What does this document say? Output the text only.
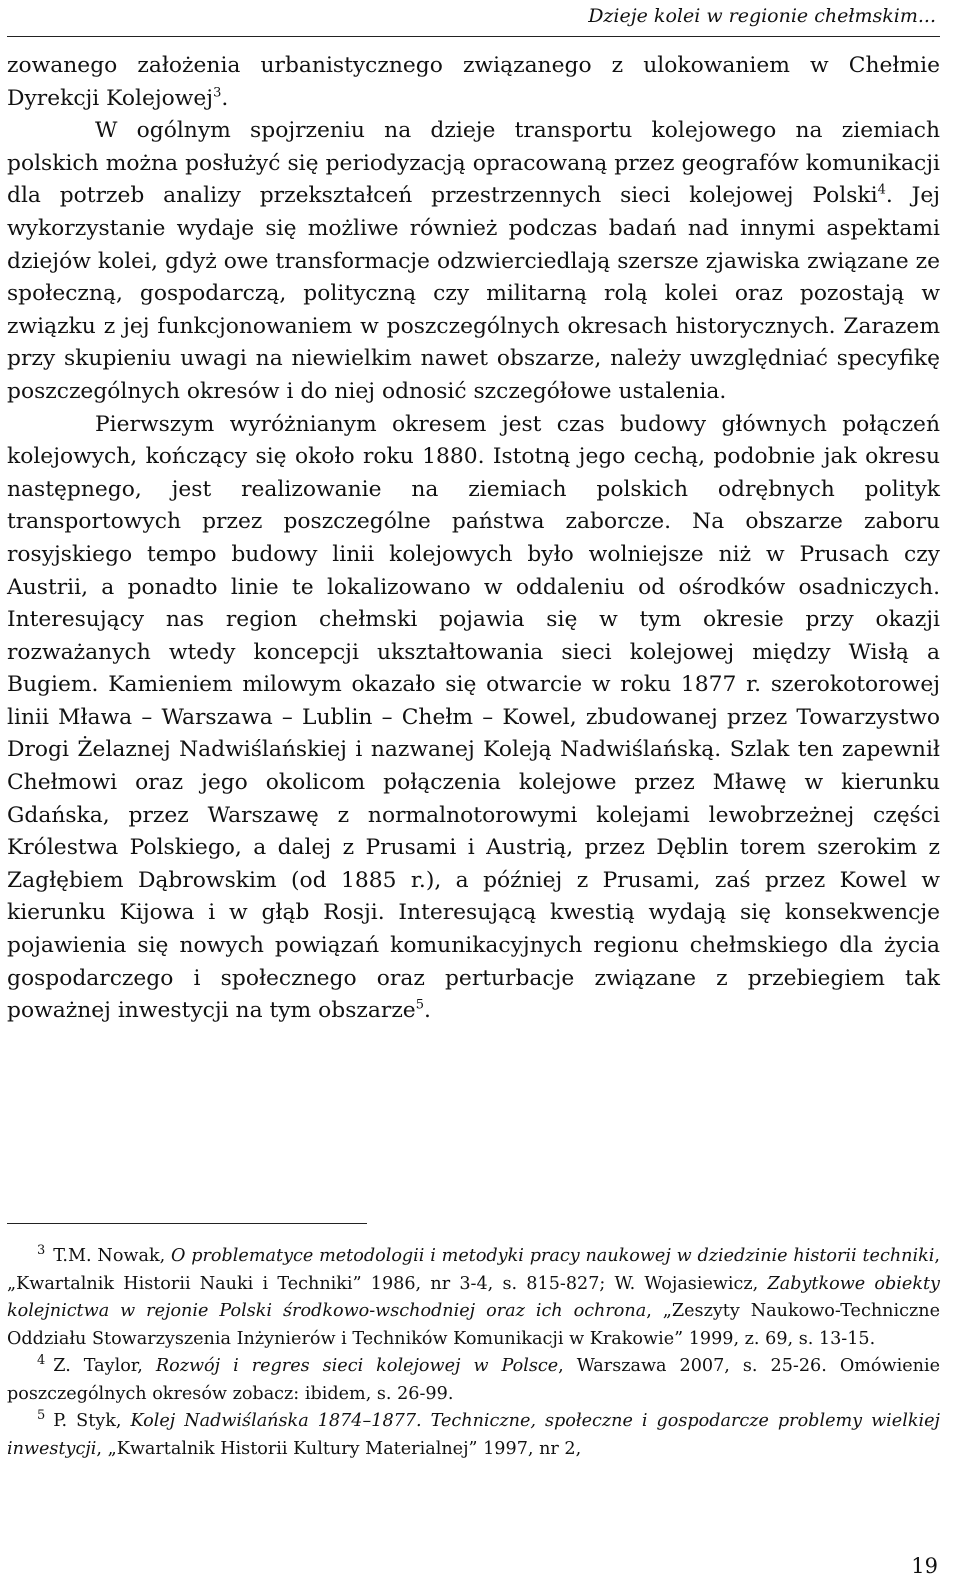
Dzieje kolei w regionie chełmskim...

zowanego założenia urbanistycznego związanego z ulokowaniem w Chełmie Dyrekcji Kolejowej$^3$.

W ogólnym spojrzeniu na dzieje transportu kolejowego na ziemiach polskich można posłużyć się periodyzacją opracowaną przez geografów komunikacji dla potrzeb analizy przekształceń przestrzennych sieci kolejowej Polski$^4$. Jej wykorzystanie wydaje się możliwe również podczas badań nad innymi aspektami dziejów kolei, gdyż owe transformacje odzwierciedlają szersze zjawiska związane ze społeczną, gospodarczą, polityczną czy militarną rolą kolei oraz pozostają w związku z jej funkcjonowaniem w poszczególnych okresach historycznych. Zarazem przy skupieniu uwagi na niewielkim nawet obszarze, należy uwzględniać specyfikę poszczególnych okresów i do niej odnosić szczegółowe ustalenia.

Pierwszym wyróżnianym okresem jest czas budowy głównych połączeń kolejowych, kończący się około roku 1880. Istotną jego cechą, podobnie jak okresu następnego, jest realizowanie na ziemiach polskich odrębnych polityk transportowych przez poszczególne państwa zaborcze. Na obszarze zaboru rosyjskiego tempo budowy linii kolejowych było wolniejsze niż w Prusach czy Austrii, a ponadto linie te lokalizowano w oddaleniu od ośrodków osadniczych. Interesujący nas region chełmski pojawia się w tym okresie przy okazji rozważanych wtedy koncepcji ukształtowania sieci kolejowej między Wisłą a Bugiem. Kamieniem milowym okazało się otwarcie w roku 1877 r. szerokotorowej linii Mława – Warszawa – Lublin – Chełm – Kowel, zbudowanej przez Towarzystwo Drogi Żelaznej Nadwiślańskiej i nazwanej Koleją Nadwiślańską. Szlak ten zapewnił Chełmowi oraz jego okolicom połączenia kolejowe przez Mławę w kierunku Gdańska, przez Warszawę z normalnotorowymi kolejami lewobrzeżnej części Królestwa Polskiego, a dalej z Prusami i Austrią, przez Dęblin torem szerokim z Zagłębiem Dąbrowskim (od 1885 r.), a później z Prusami, zaś przez Kowel w kierunku Kijowa i w głąb Rosji. Interesującą kwestią wydają się konsekwencje pojawienia się nowych powiązań komunikacyjnych regionu chełmskiego dla życia gospodarczego i społecznego oraz perturbacje związane z przebiegiem tak poważnej inwestycji na tym obszarze$^5$.

3 T.M. Nowak, O problematyce metodologii i metodyki pracy naukowej w dziedzinie historii techniki, „Kwartalnik Historii Nauki i Techniki” 1986, nr 3-4, s. 815-827; W. Wojasiewicz, Zabytkowe obiekty kolejnictwa w rejonie Polski środkowo-wschodniej oraz ich ochrona, „Zeszyty Naukowo-Techniczne Oddziału Stowarzyszenia Inżynierów i Techników Komunikacji w Krakowie” 1999, z. 69, s. 13-15.

4 Z. Taylor, Rozwój i regres sieci kolejowej w Polsce, Warszawa 2007, s. 25-26. Omówienie poszczególnych okresów zobacz: ibidem, s. 26-99.

5 P. Styk, Kolej Nadwiślańska 1874–1877. Techniczne, społeczne i gospodarcze problemy wielkiej inwestycji, „Kwartalnik Historii Kultury Materialnej” 1997, nr 2,

19
